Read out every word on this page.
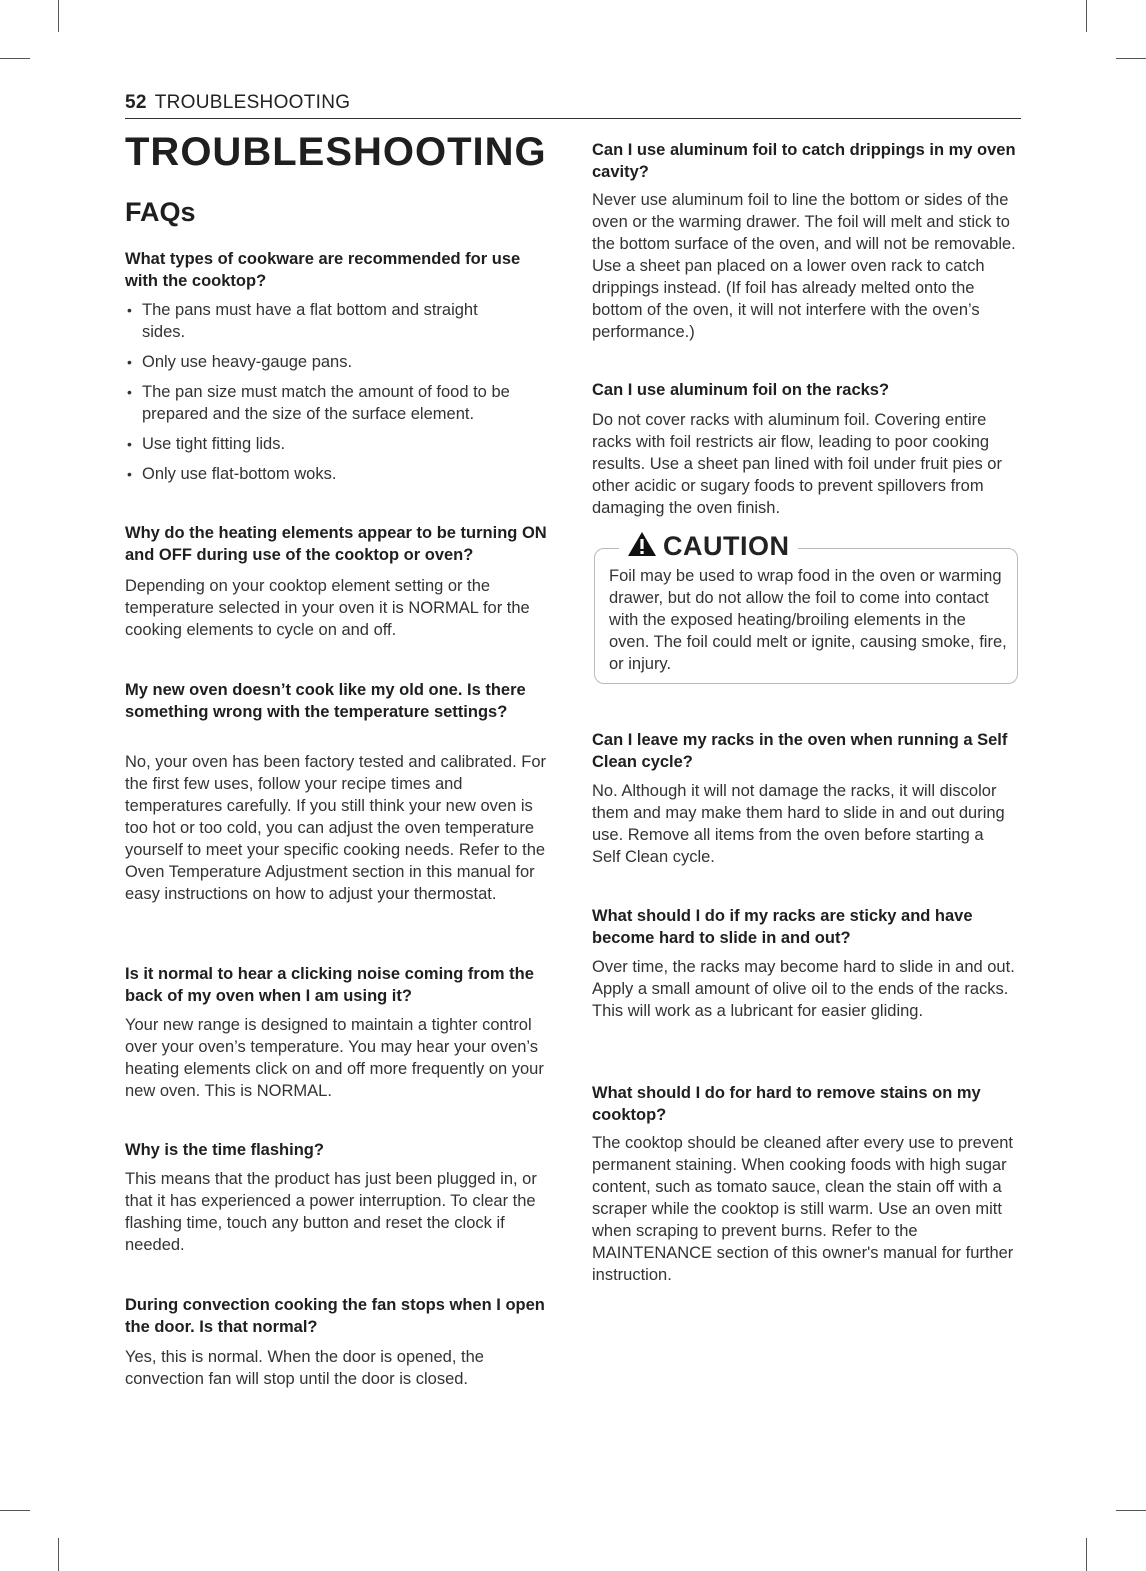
52 TROUBLESHOOTING
TROUBLESHOOTING
FAQs

What types of cookware are recommended for use with the cooktop?

• The pans must have a flat bottom and straight sides.
• Only use heavy-gauge pans.
• The pan size must match the amount of food to be prepared and the size of the surface element.
• Use tight fitting lids.
• Only use flat-bottom woks.

Why do the heating elements appear to be turning ON and OFF during use of the cooktop or oven?

Depending on your cooktop element setting or the temperature selected in your oven it is NORMAL for the cooking elements to cycle on and off.

My new oven doesn’t cook like my old one. Is there something wrong with the temperature settings?

No, your oven has been factory tested and calibrated. For the first few uses, follow your recipe times and temperatures carefully. If you still think your new oven is too hot or too cold, you can adjust the oven temperature yourself to meet your specific cooking needs. Refer to the Oven Temperature Adjustment section in this manual for easy instructions on how to adjust your thermostat.

Is it normal to hear a clicking noise coming from the back of my oven when I am using it?

Your new range is designed to maintain a tighter control over your oven’s temperature. You may hear your oven’s heating elements click on and off more frequently on your new oven. This is NORMAL.

Why is the time flashing?

This means that the product has just been plugged in, or that it has experienced a power interruption. To clear the flashing time, touch any button and reset the clock if needed.

During convection cooking the fan stops when I open the door. Is that normal?

Yes, this is normal. When the door is opened, the convection fan will stop until the door is closed.

Can I use aluminum foil to catch drippings in my oven cavity?

Never use aluminum foil to line the bottom or sides of the oven or the warming drawer. The foil will melt and stick to the bottom surface of the oven, and will not be removable. Use a sheet pan placed on a lower oven rack to catch drippings instead. (If foil has already melted onto the bottom of the oven, it will not interfere with the oven’s performance.)

Can I use aluminum foil on the racks?

Do not cover racks with aluminum foil. Covering entire racks with foil restricts air flow, leading to poor cooking results. Use a sheet pan lined with foil under fruit pies or other acidic or sugary foods to prevent spillovers from damaging the oven finish.

CAUTION

Foil may be used to wrap food in the oven or warming drawer, but do not allow the foil to come into contact with the exposed heating/broiling elements in the oven. The foil could melt or ignite, causing smoke, fire, or injury.

Can I leave my racks in the oven when running a Self Clean cycle?

No. Although it will not damage the racks, it will discolor them and may make them hard to slide in and out during use. Remove all items from the oven before starting a Self Clean cycle.

What should I do if my racks are sticky and have become hard to slide in and out?

Over time, the racks may become hard to slide in and out. Apply a small amount of olive oil to the ends of the racks. This will work as a lubricant for easier gliding.

What should I do for hard to remove stains on my cooktop?

The cooktop should be cleaned after every use to prevent permanent staining. When cooking foods with high sugar content, such as tomato sauce, clean the stain off with a scraper while the cooktop is still warm. Use an oven mitt when scraping to prevent burns. Refer to the MAINTENANCE section of this owner's manual for further instruction.
